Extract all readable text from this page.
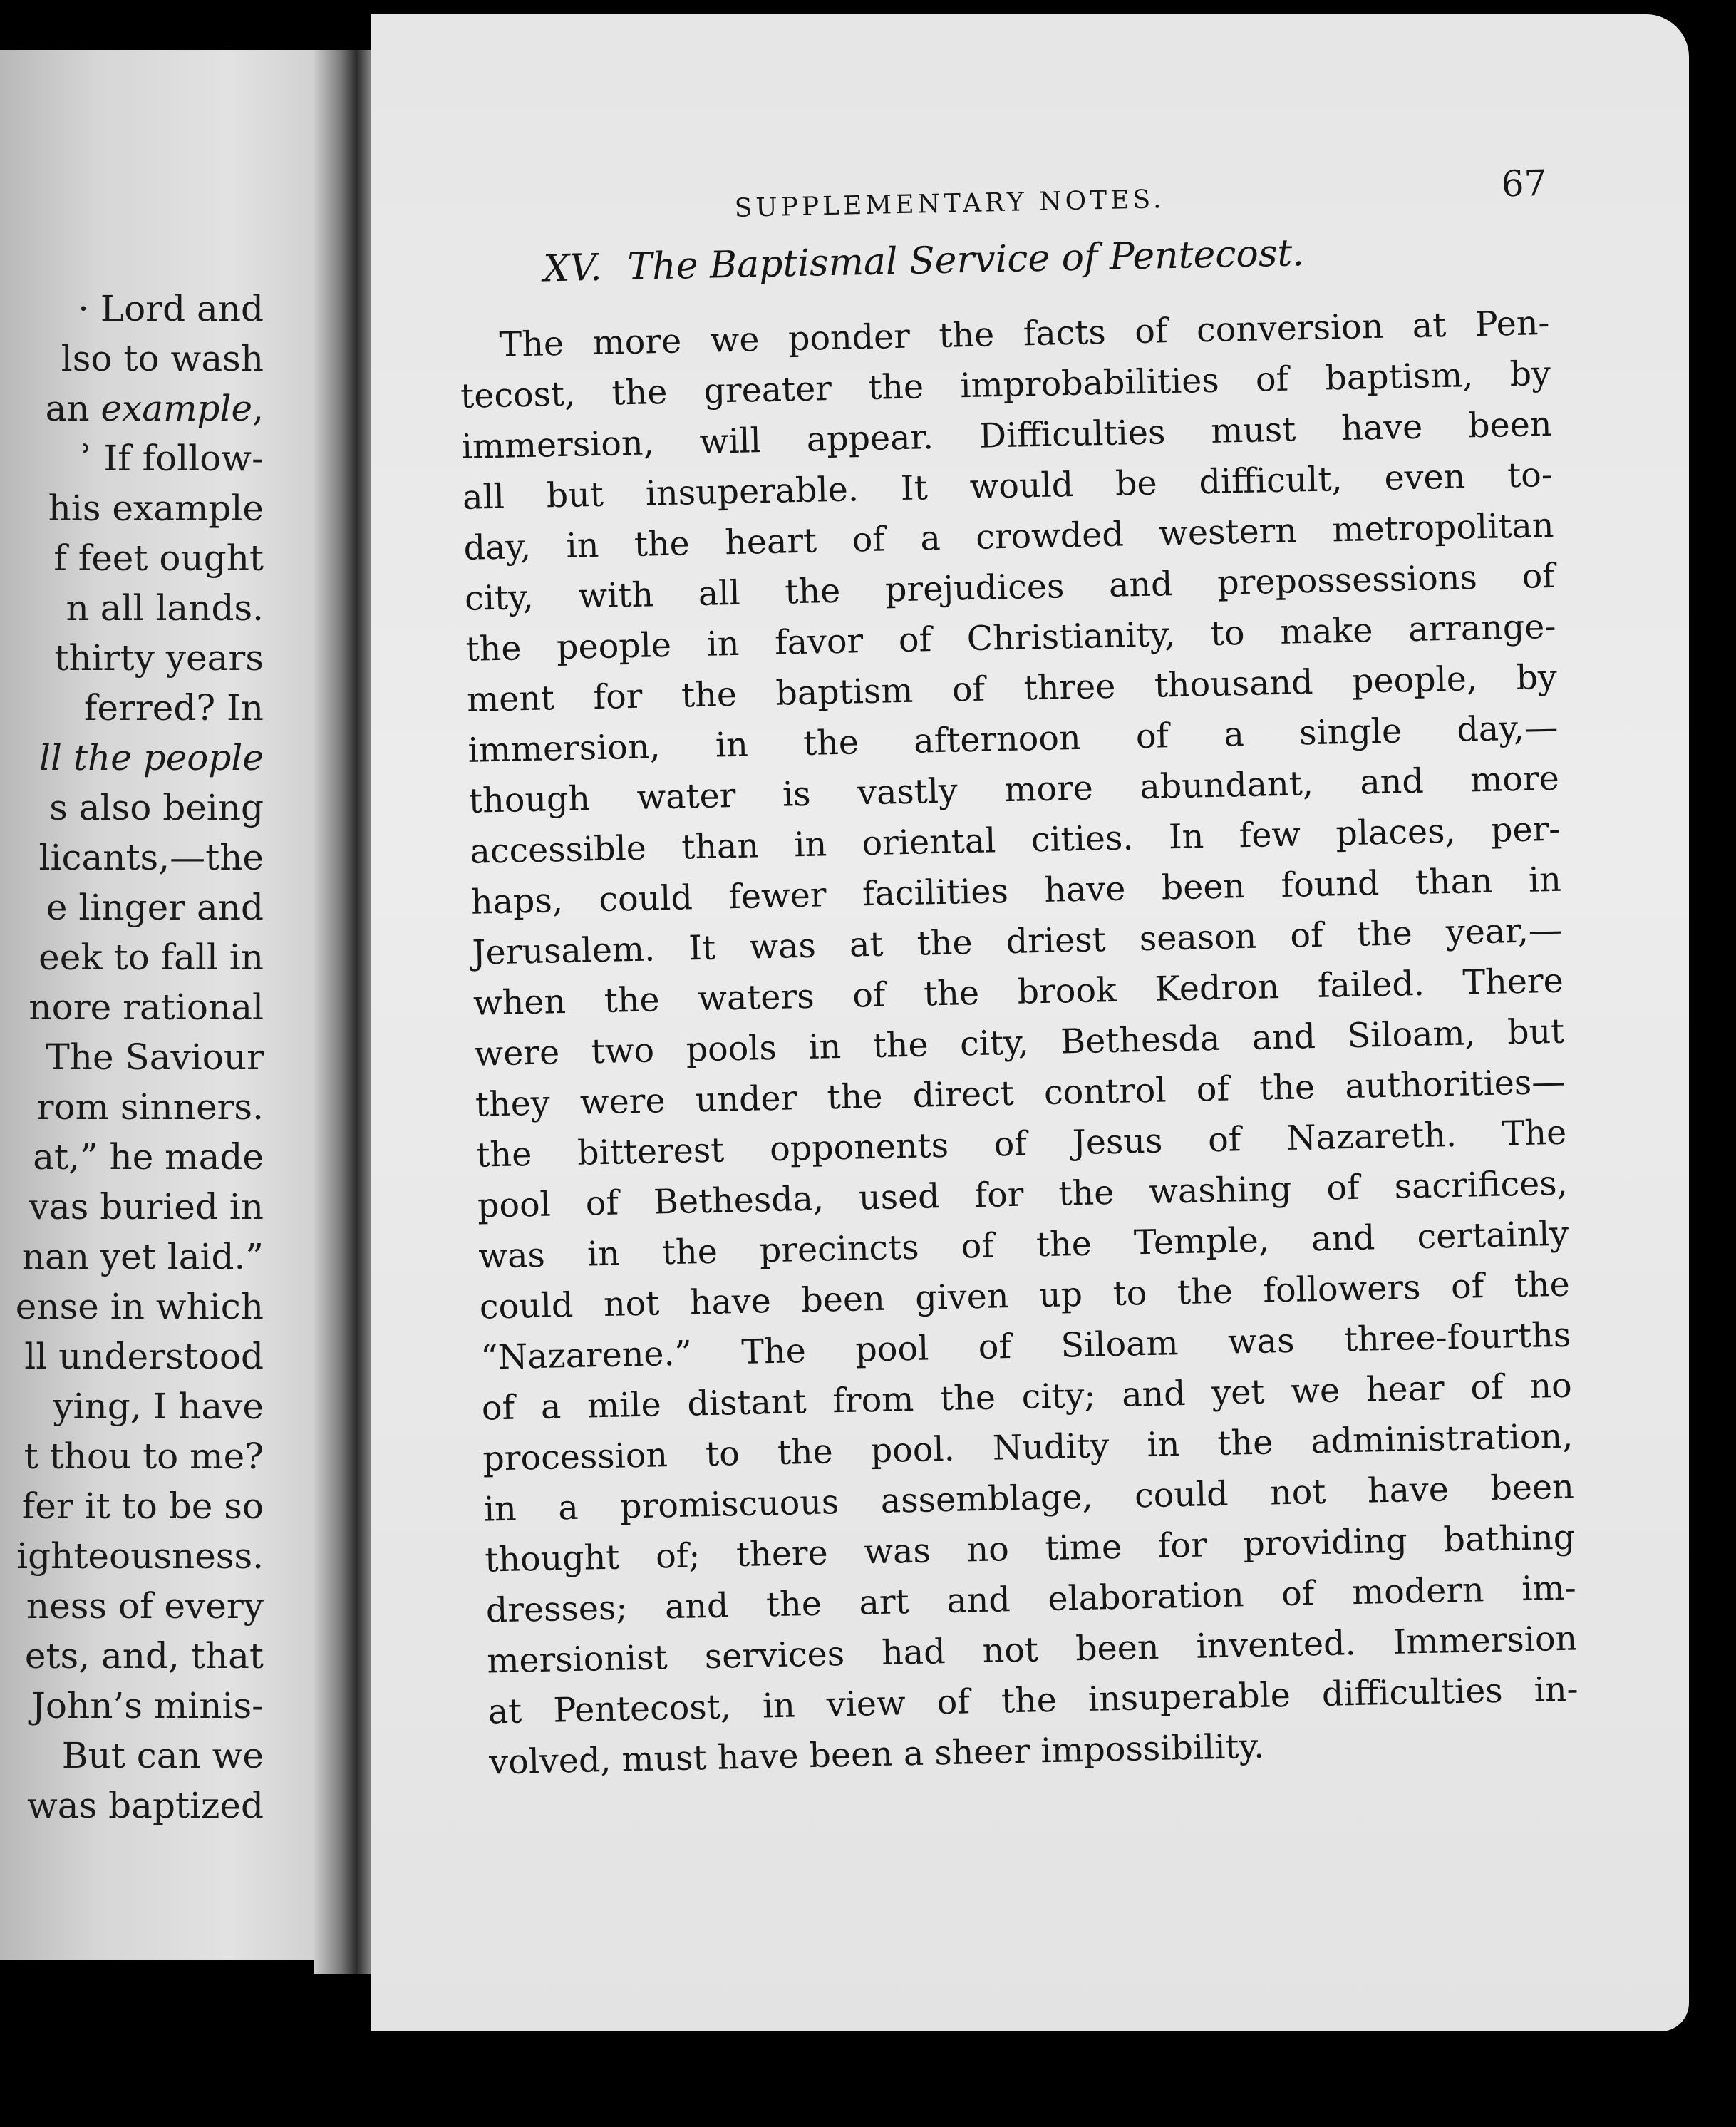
· Lord and
lso to wash
an example,
ʾ If follow-
his example
f feet ought
n all lands.
thirty years
ferred? In
ll the people
s also being
licants,—the
e linger and
eek to fall in
nore rational
The Saviour
rom sinners.
at,” he made
vas buried in
nan yet laid.”
ense in which
ll understood
ying, I have
t thou to me?
fer it to be so
ighteousness.
ness of every
ets, and, that
John’s minis-
But can we
was baptized
SUPPLEMENTARY NOTES.	67
XV. The Baptismal Service of Pentecost.
The more we ponder the facts of conversion at Pen-
tecost, the greater the improbabilities of baptism, by
immersion, will appear. Difficulties must have been
all but insuperable. It would be difficult, even to-
day, in the heart of a crowded western metropolitan
city, with all the prejudices and prepossessions of
the people in favor of Christianity, to make arrange-
ment for the baptism of three thousand people, by
immersion, in the afternoon of a single day,—
though water is vastly more abundant, and more
accessible than in oriental cities. In few places, per-
haps, could fewer facilities have been found than in
Jerusalem. It was at the driest season of the year,—
when the waters of the brook Kedron failed. There
were two pools in the city, Bethesda and Siloam, but
they were under the direct control of the authorities—
the bitterest opponents of Jesus of Nazareth. The
pool of Bethesda, used for the washing of sacrifices,
was in the precincts of the Temple, and certainly
could not have been given up to the followers of the
“Nazarene.” The pool of Siloam was three-fourths
of a mile distant from the city; and yet we hear of no
procession to the pool. Nudity in the administration,
in a promiscuous assemblage, could not have been
thought of; there was no time for providing bathing
dresses; and the art and elaboration of modern im-
mersionist services had not been invented. Immersion
at Pentecost, in view of the insuperable difficulties in-
volved, must have been a sheer impossibility.
